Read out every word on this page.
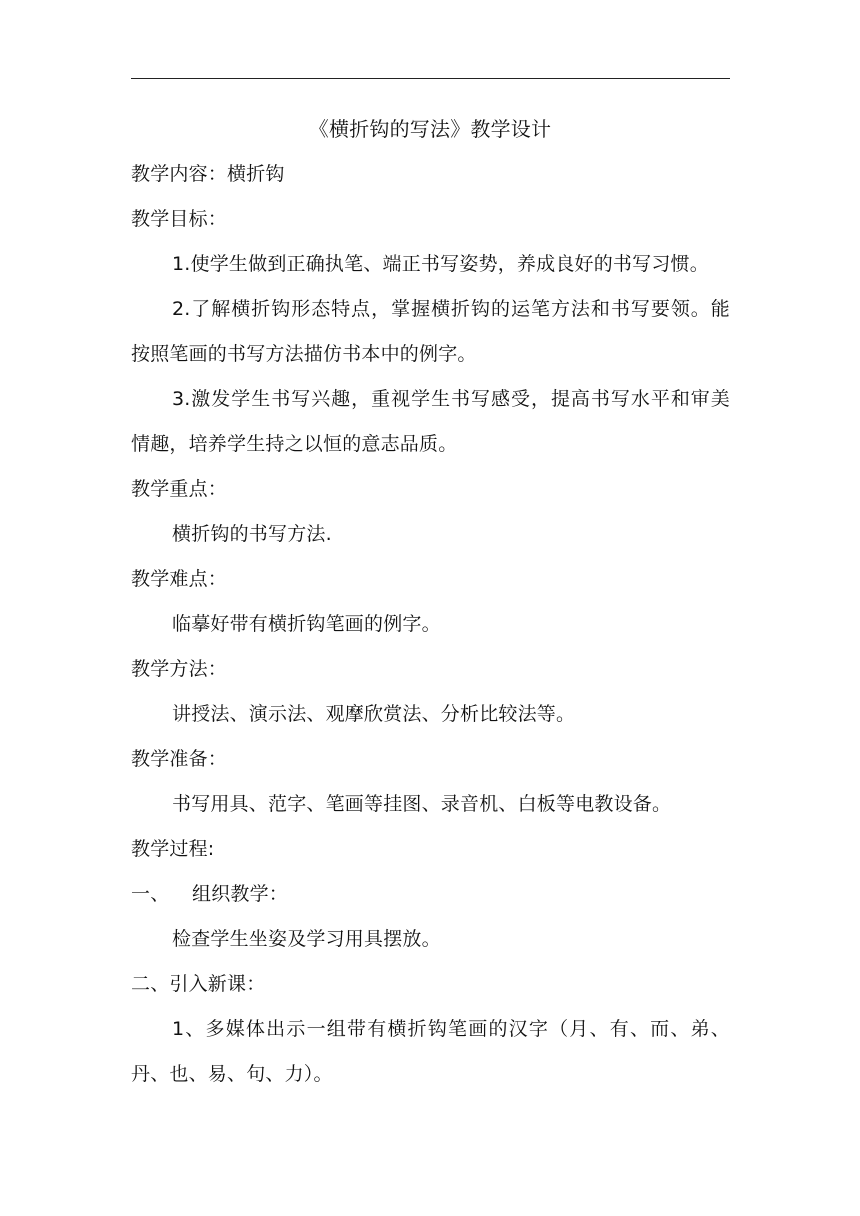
《横折钩的写法》教学设计
教学内容：横折钩
教学目标：
1.使学生做到正确执笔、端正书写姿势，养成良好的书写习惯。
2.了解横折钩形态特点，掌握横折钩的运笔方法和书写要领。能
按照笔画的书写方法描仿书本中的例字。
3.激发学生书写兴趣，重视学生书写感受，提高书写水平和审美
情趣，培养学生持之以恒的意志品质。
教学重点：
横折钩的书写方法.
教学难点：
临摹好带有横折钩笔画的例字。
教学方法：
讲授法、演示法、观摩欣赏法、分析比较法等。
教学准备：
书写用具、范字、笔画等挂图、录音机、白板等电教设备。
教学过程:
一、 组织教学：
检查学生坐姿及学习用具摆放。
二、引入新课：
1、多媒体出示一组带有横折钩笔画的汉字（月、有、而、弟、
丹、也、易、句、力）。
